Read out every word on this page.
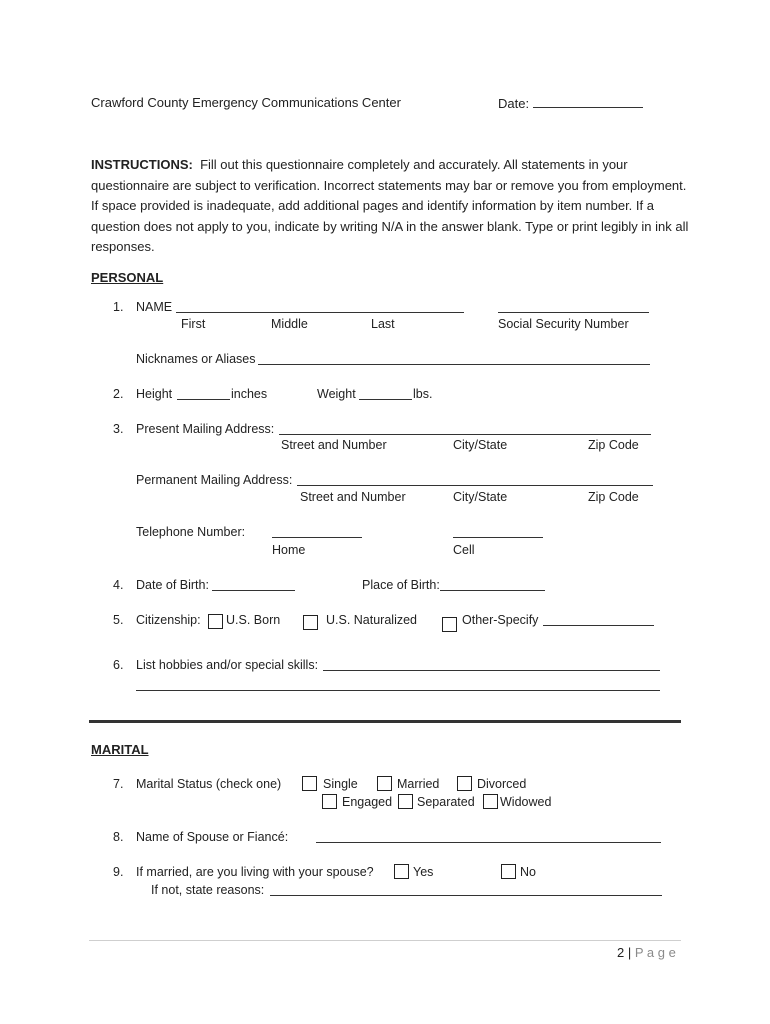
Crawford County Emergency Communications Center	Date:
INSTRUCTIONS: Fill out this questionnaire completely and accurately. All statements in your questionnaire are subject to verification. Incorrect statements may bar or remove you from employment. If space provided is inadequate, add additional pages and identify information by item number. If a question does not apply to you, indicate by writing N/A in the answer blank. Type or print legibly in ink all responses.
PERSONAL
1. NAME
First	Middle	Last	Social Security Number
Nicknames or Aliases
2. Height	inches	Weight	lbs.
3. Present Mailing Address:
Street and Number	City/State	Zip Code
Permanent Mailing Address:
Street and Number	City/State	Zip Code
Telephone Number:
Home	Cell
4. Date of Birth:	Place of Birth:
5. Citizenship: U.S. Born	U.S. Naturalized	Other-Specify
6. List hobbies and/or special skills:
MARITAL
7. Marital Status (check one)	Single	Married	Divorced
Engaged Separated Widowed
8. Name of Spouse or Fiancé:
9. If married, are you living with your spouse?	Yes	No
If not, state reasons:
2 | P a g e
